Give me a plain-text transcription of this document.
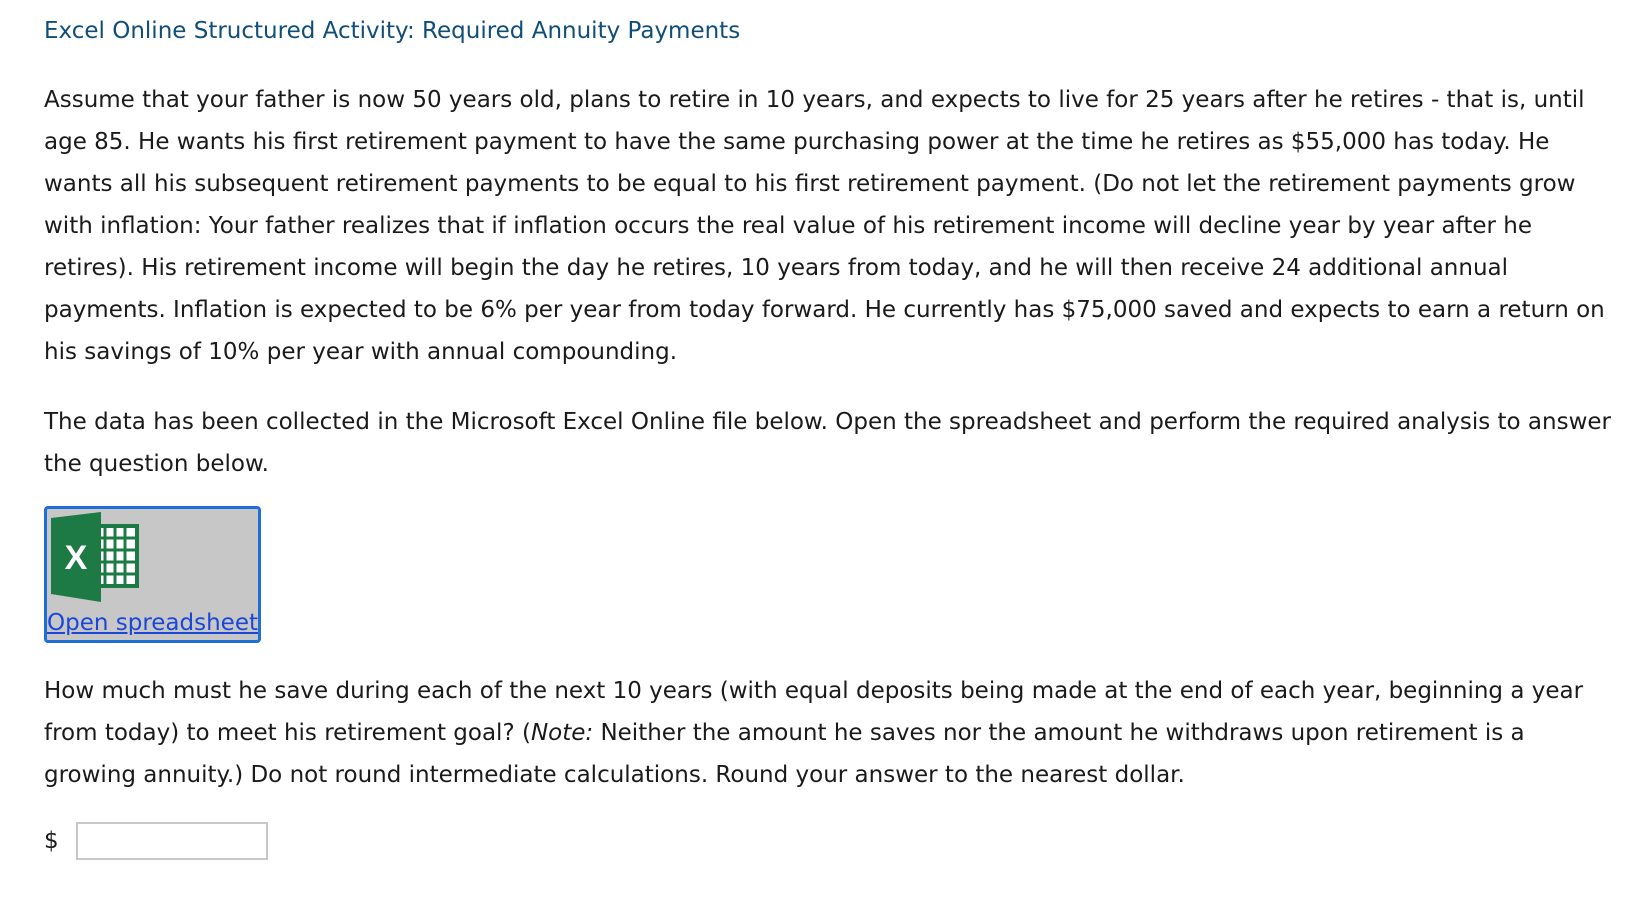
Excel Online Structured Activity: Required Annuity Payments

Assume that your father is now 50 years old, plans to retire in 10 years, and expects to live for 25 years after he retires - that is, until age 85. He wants his first retirement payment to have the same purchasing power at the time he retires as $55,000 has today. He wants all his subsequent retirement payments to be equal to his first retirement payment. (Do not let the retirement payments grow with inflation: Your father realizes that if inflation occurs the real value of his retirement income will decline year by year after he retires). His retirement income will begin the day he retires, 10 years from today, and he will then receive 24 additional annual payments. Inflation is expected to be 6% per year from today forward. He currently has $75,000 saved and expects to earn a return on his savings of 10% per year with annual compounding.

The data has been collected in the Microsoft Excel Online file below. Open the spreadsheet and perform the required analysis to answer the question below.

X
Open spreadsheet

How much must he save during each of the next 10 years (with equal deposits being made at the end of each year, beginning a year from today) to meet his retirement goal? (Note: Neither the amount he saves nor the amount he withdraws upon retirement is a growing annuity.) Do not round intermediate calculations. Round your answer to the nearest dollar.

$
